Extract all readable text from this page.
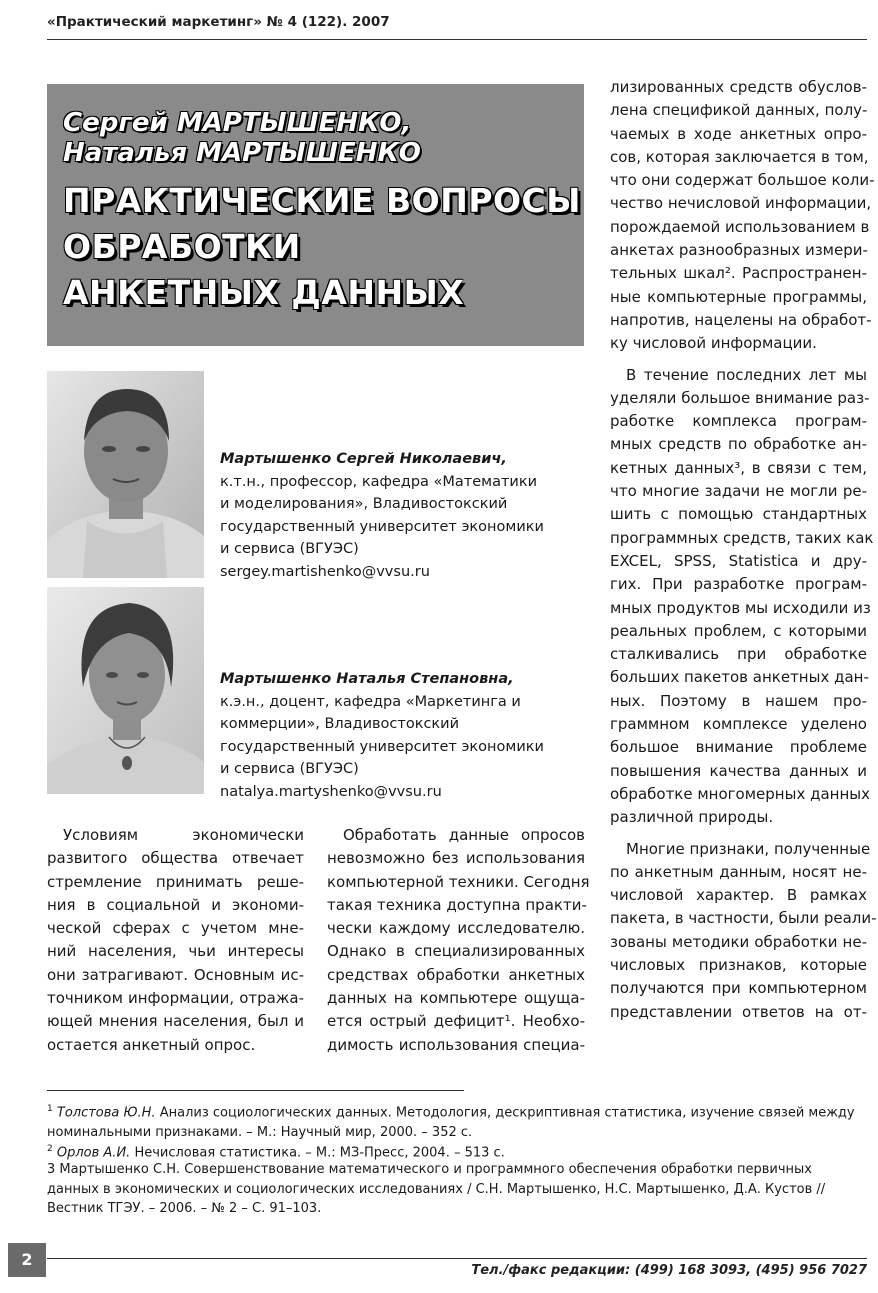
«Практический маркетинг» № 4 (122). 2007
Сергей МАРТЫШЕНКО,
Наталья МАРТЫШЕНКО
ПРАКТИЧЕСКИЕ ВОПРОСЫ
ОБРАБОТКИ
АНКЕТНЫХ ДАННЫХ
Мартышенко Сергей Николаевич,
к.т.н., профессор, кафедра «Математики
и моделирования», Владивостокский
государственный университет экономики
и сервиса (ВГУЭС)
sergey.martishenko@vvsu.ru
Мартышенко Наталья Степановна,
к.э.н., доцент, кафедра «Маркетинга и
коммерции», Владивостокский
государственный университет экономики
и сервиса (ВГУЭС)
natalya.martyshenko@vvsu.ru
Условиям экономически
развитого общества отвечает
стремление принимать реше-
ния в социальной и экономи-
ческой сферах с учетом мне-
ний населения, чьи интересы
они затрагивают. Основным ис-
точником информации, отража-
ющей мнения населения, был и
остается анкетный опрос.
Обработать данные опросов
невозможно без использования
компьютерной техники. Сегодня
такая техника доступна практи-
чески каждому исследователю.
Однако в специализированных
средствах обработки анкетных
данных на компьютере ощуща-
ется острый дефицит¹. Необхо-
димость использования специа-
лизированных средств обуслов-
лена спецификой данных, полу-
чаемых в ходе анкетных опро-
сов, которая заключается в том,
что они содержат большое коли-
чество нечисловой информации,
порождаемой использованием в
анкетах разнообразных измери-
тельных шкал². Распространен-
ные компьютерные программы,
напротив, нацелены на обработ-
ку числовой информации.
В течение последних лет мы
уделяли большое внимание раз-
работке комплекса програм-
мных средств по обработке ан-
кетных данных³, в связи с тем,
что многие задачи не могли ре-
шить с помощью стандартных
программных средств, таких как
EXCEL, SPSS, Statistica и дру-
гих. При разработке програм-
мных продуктов мы исходили из
реальных проблем, с которыми
сталкивались при обработке
больших пакетов анкетных дан-
ных. Поэтому в нашем про-
граммном комплексе уделено
большое внимание проблеме
повышения качества данных и
обработке многомерных данных
различной природы.
Многие признаки, полученные
по анкетным данным, носят не-
числовой характер. В рамках
пакета, в частности, были реали-
зованы методики обработки не-
числовых признаков, которые
получаются при компьютерном
представлении ответов на от-
$^1$ Толстова Ю.Н. Анализ социологических данных. Методология, дескриптивная статистика, изучение связей между номинальными признаками. – М.: Научный мир, 2000. – 352 с.
$^2$ Орлов А.И. Нечисловая статистика. – М.: МЗ-Пресс, 2004. – 513 с.
3 Мартышенко С.Н. Совершенствование математического и программного обеспечения обработки первичных данных в экономических и социологических исследованиях / С.Н. Мартышенко, Н.С. Мартышенко, Д.А. Кустов // Вестник ТГЭУ. – 2006. – № 2 – С. 91–103.
2
Тел./факс редакции: (499) 168 3093, (495) 956 7027
